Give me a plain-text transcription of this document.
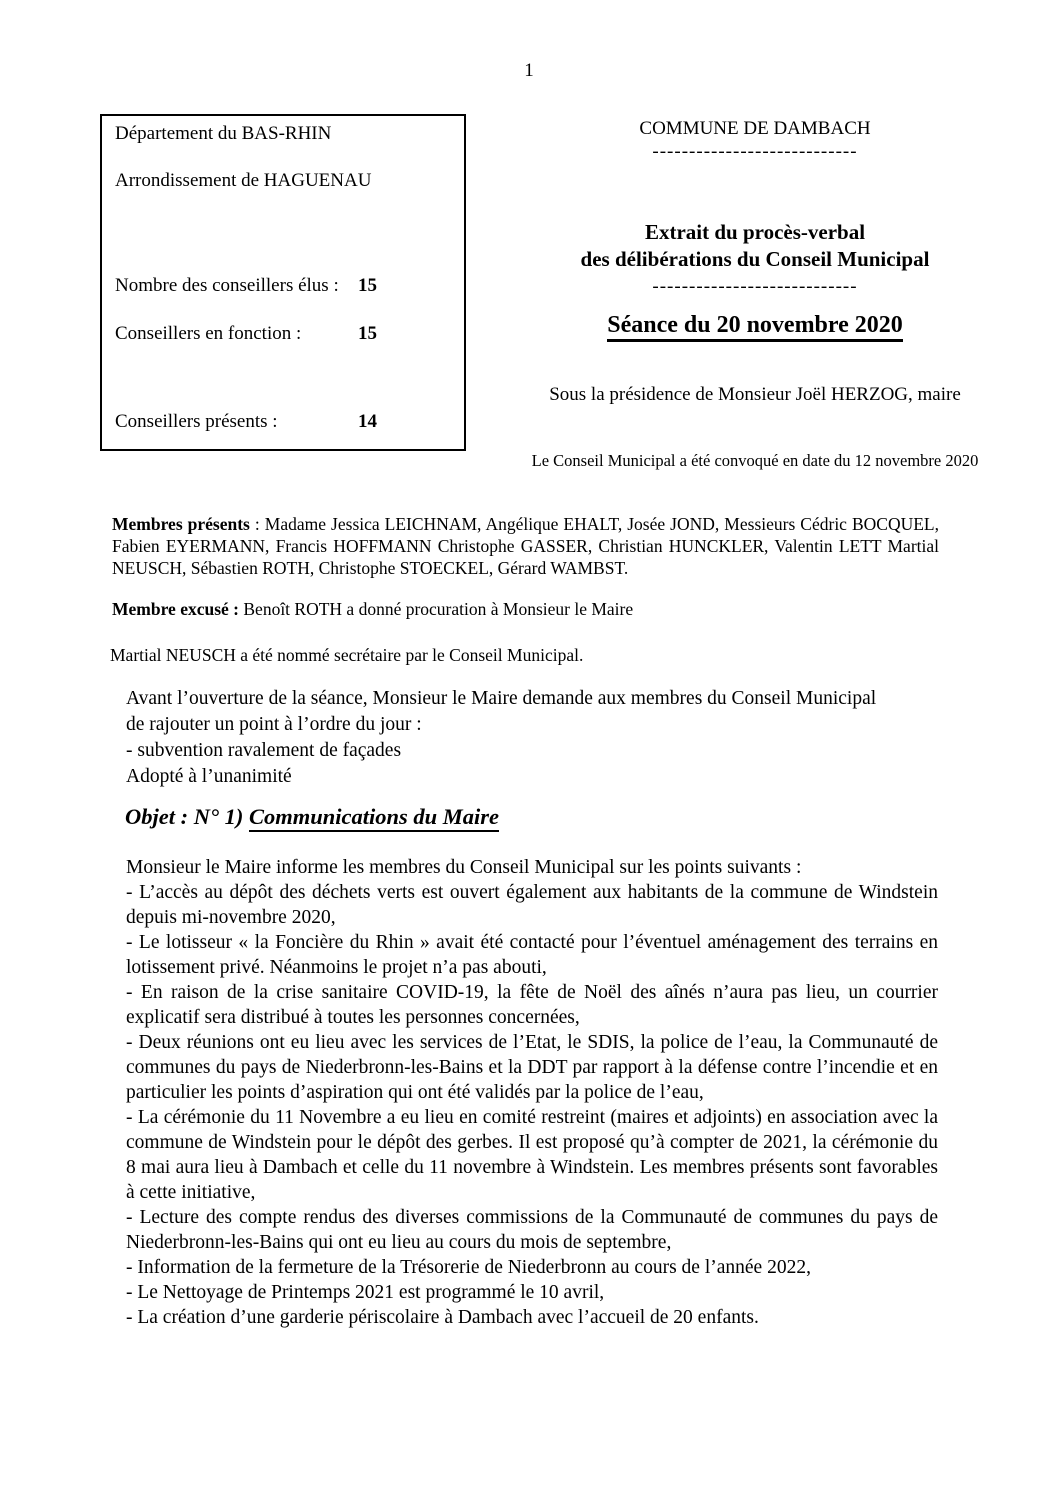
1
Département du BAS-RHIN
Arrondissement de HAGUENAU
Nombre des conseillers élus : 15
Conseillers en fonction :	15
Conseillers présents :	14
COMMUNE DE DAMBACH
----------------------------
Extrait du procès-verbal
des délibérations du Conseil Municipal
----------------------------
Séance du 20 novembre 2020
Sous la présidence de Monsieur Joël HERZOG, maire
Le Conseil Municipal a été convoqué en date du 12 novembre 2020

Membres présents : Madame Jessica LEICHNAM, Angélique EHALT, Josée JOND, Messieurs Cédric BOCQUEL, Fabien EYERMANN, Francis HOFFMANN Christophe GASSER, Christian HUNCKLER, Valentin LETT Martial NEUSCH, Sébastien ROTH, Christophe STOECKEL, Gérard WAMBST.

Membre excusé : Benoît ROTH a donné procuration à Monsieur le Maire

Martial NEUSCH a été nommé secrétaire par le Conseil Municipal.

Avant l’ouverture de la séance, Monsieur le Maire demande aux membres du Conseil Municipal de rajouter un point à l’ordre du jour :
- subvention ravalement de façades
Adopté à l’unanimité
Objet : N° 1) Communications du Maire

Monsieur le Maire informe les membres du Conseil Municipal sur les points suivants :

- L’accès au dépôt des déchets verts est ouvert également aux habitants de la commune de Windstein depuis mi-novembre 2020,

- Le lotisseur « la Foncière du Rhin » avait été contacté pour l’éventuel aménagement des terrains en lotissement privé. Néanmoins le projet n’a pas abouti,

- En raison de la crise sanitaire COVID-19, la fête de Noël des aînés n’aura pas lieu, un courrier explicatif sera distribué à toutes les personnes concernées,

- Deux réunions ont eu lieu avec les services de l’Etat, le SDIS, la police de l’eau, la Communauté de communes du pays de Niederbronn-les-Bains et la DDT par rapport à la défense contre l’incendie et en particulier les points d’aspiration qui ont été validés par la police de l’eau,

- La cérémonie du 11 Novembre a eu lieu en comité restreint (maires et adjoints) en association avec la commune de Windstein pour le dépôt des gerbes. Il est proposé qu’à compter de 2021, la cérémonie du 8 mai aura lieu à Dambach et celle du 11 novembre à Windstein. Les membres présents sont favorables à cette initiative,

- Lecture des compte rendus des diverses commissions de la Communauté de communes du pays de Niederbronn-les-Bains qui ont eu lieu au cours du mois de septembre,

- Information de la fermeture de la Trésorerie de Niederbronn au cours de l’année 2022,

- Le Nettoyage de Printemps 2021 est programmé le 10 avril,

- La création d’une garderie périscolaire à Dambach avec l’accueil de 20 enfants.
